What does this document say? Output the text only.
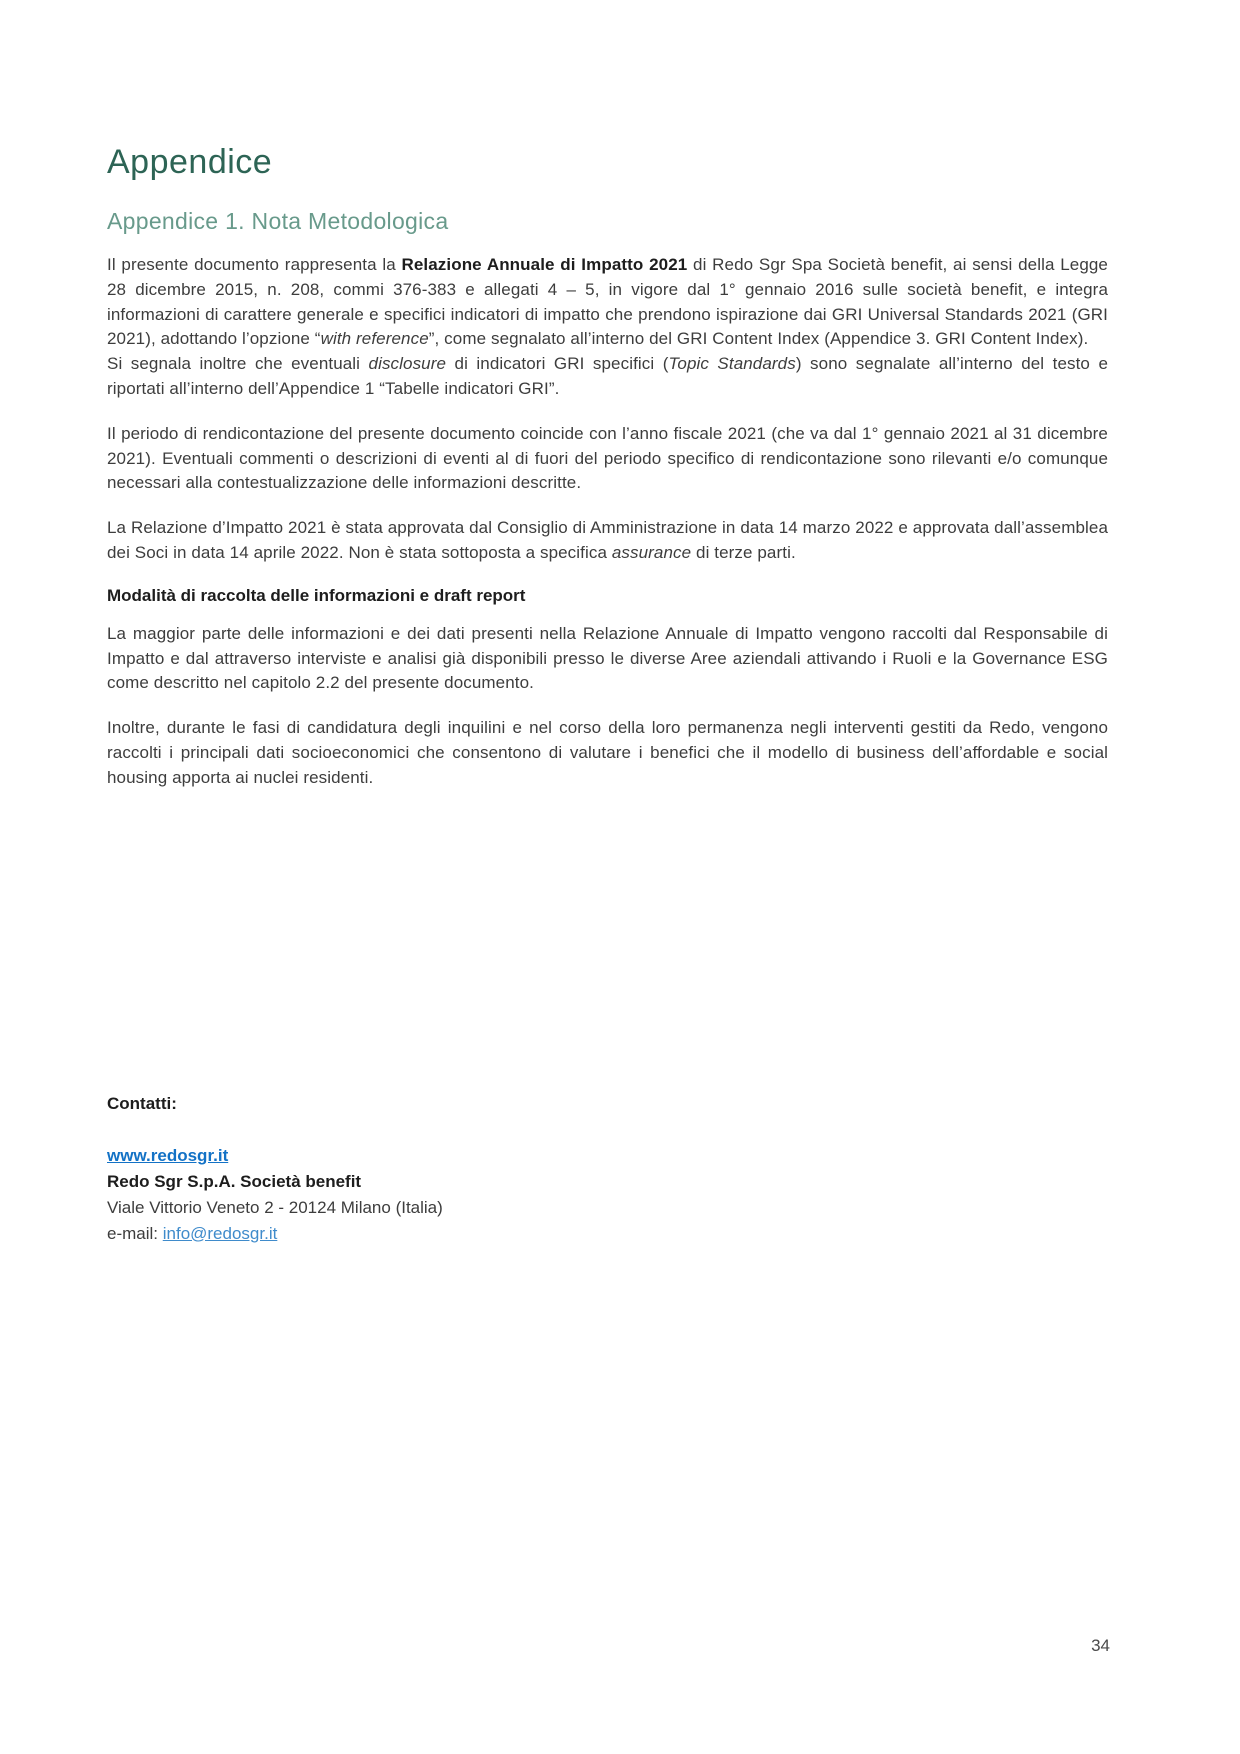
Appendice
Appendice 1. Nota Metodologica

Il presente documento rappresenta la Relazione Annuale di Impatto 2021 di Redo Sgr Spa Società benefit, ai sensi della Legge 28 dicembre 2015, n. 208, commi 376-383 e allegati 4 – 5, in vigore dal 1° gennaio 2016 sulle società benefit, e integra informazioni di carattere generale e specifici indicatori di impatto che prendono ispirazione dai GRI Universal Standards 2021 (GRI 2021), adottando l’opzione “with reference”, come segnalato all’interno del GRI Content Index (Appendice 3. GRI Content Index).

Si segnala inoltre che eventuali disclosure di indicatori GRI specifici (Topic Standards) sono segnalate all’interno del testo e riportati all’interno dell’Appendice 1 “Tabelle indicatori GRI”.

Il periodo di rendicontazione del presente documento coincide con l’anno fiscale 2021 (che va dal 1° gennaio 2021 al 31 dicembre 2021). Eventuali commenti o descrizioni di eventi al di fuori del periodo specifico di rendicontazione sono rilevanti e/o comunque necessari alla contestualizzazione delle informazioni descritte.

La Relazione d’Impatto 2021 è stata approvata dal Consiglio di Amministrazione in data 14 marzo 2022 e approvata dall’assemblea dei Soci in data 14 aprile 2022. Non è stata sottoposta a specifica assurance di terze parti.

Modalità di raccolta delle informazioni e draft report

La maggior parte delle informazioni e dei dati presenti nella Relazione Annuale di Impatto vengono raccolti dal Responsabile di Impatto e dal attraverso interviste e analisi già disponibili presso le diverse Aree aziendali attivando i Ruoli e la Governance ESG come descritto nel capitolo 2.2 del presente documento.

Inoltre, durante le fasi di candidatura degli inquilini e nel corso della loro permanenza negli interventi gestiti da Redo, vengono raccolti i principali dati socioeconomici che consentono di valutare i benefici che il modello di business dell’affordable e social housing apporta ai nuclei residenti.

Contatti:

www.redosgr.it

Redo Sgr S.p.A. Società benefit

Viale Vittorio Veneto 2 - 20124 Milano (Italia)

e-mail: info@redosgr.it

34
